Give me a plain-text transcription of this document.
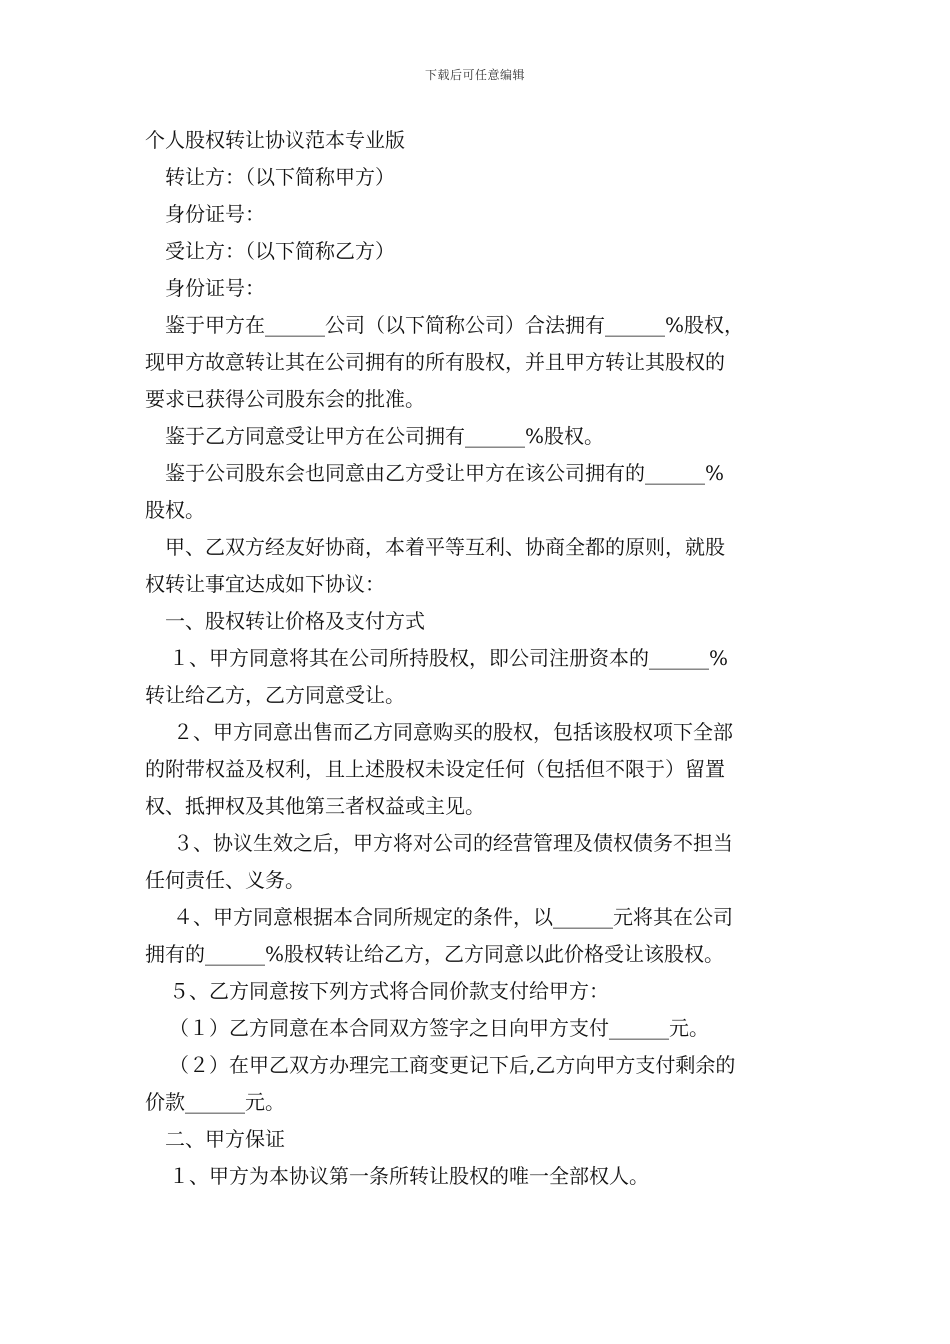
下载后可任意编辑

个人股权转让协议范本专业版

转让方：（以下简称甲方）

身份证号：

受让方：（以下简称乙方）

身份证号：

鉴于甲方在______公司（以下简称公司）合法拥有______%股权，

现甲方故意转让其在公司拥有的所有股权，并且甲方转让其股权的

要求已获得公司股东会的批准。

鉴于乙方同意受让甲方在公司拥有______%股权。

鉴于公司股东会也同意由乙方受让甲方在该公司拥有的______%

股权。

甲、乙双方经友好协商，本着平等互利、协商全都的原则，就股

权转让事宜达成如下协议：

一、股权转让价格及支付方式

１、甲方同意将其在公司所持股权，即公司注册资本的______%

转让给乙方，乙方同意受让。

２、甲方同意出售而乙方同意购买的股权，包括该股权项下全部

的附带权益及权利，且上述股权未设定任何（包括但不限于）留置

权、抵押权及其他第三者权益或主见。

３、协议生效之后，甲方将对公司的经营管理及债权债务不担当

任何责任、义务。

４、甲方同意根据本合同所规定的条件，以______元将其在公司

拥有的______%股权转让给乙方，乙方同意以此价格受让该股权。

５、乙方同意按下列方式将合同价款支付给甲方：

（１）乙方同意在本合同双方签字之日向甲方支付______元。

（２）在甲乙双方办理完工商变更记下后,乙方向甲方支付剩余的

价款______元。

二、甲方保证

１、甲方为本协议第一条所转让股权的唯一全部权人。
